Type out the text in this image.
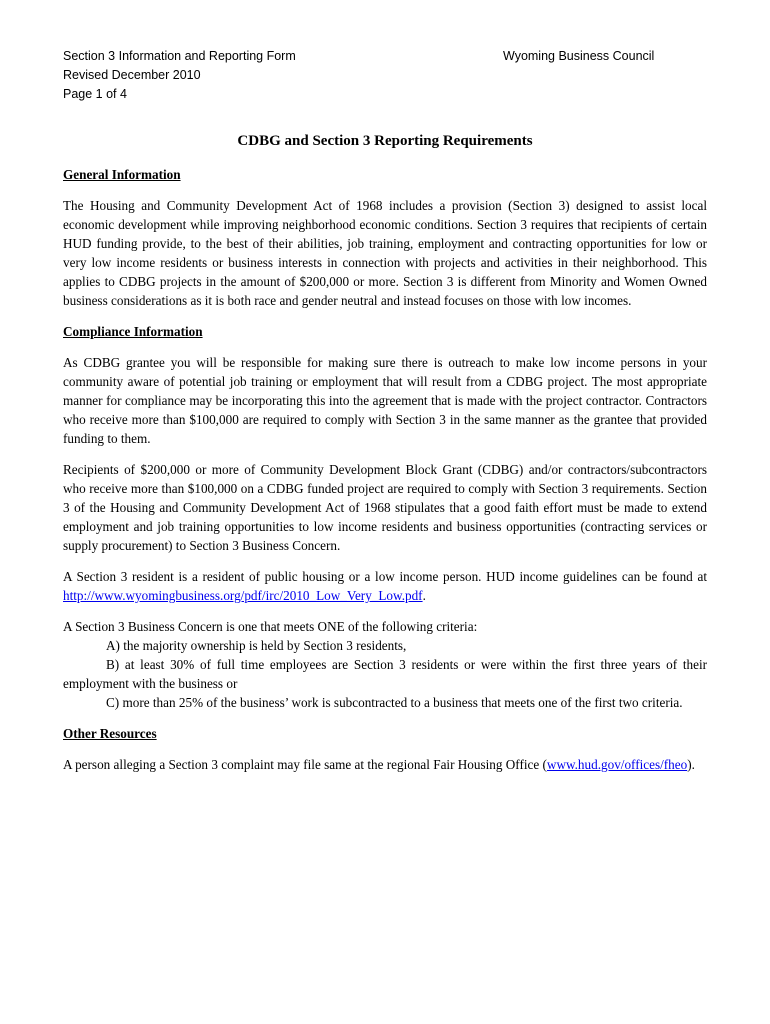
Section 3 Information and Reporting Form
Revised December 2010
Page 1 of 4
Wyoming Business Council
CDBG and Section 3 Reporting Requirements
General Information
The Housing and Community Development Act of 1968 includes a provision (Section 3) designed to assist local economic development while improving neighborhood economic conditions. Section 3 requires that recipients of certain HUD funding provide, to the best of their abilities, job training, employment and contracting opportunities for low or very low income residents or business interests in connection with projects and activities in their neighborhood. This applies to CDBG projects in the amount of $200,000 or more. Section 3 is different from Minority and Women Owned business considerations as it is both race and gender neutral and instead focuses on those with low incomes.
Compliance Information
As CDBG grantee you will be responsible for making sure there is outreach to make low income persons in your community aware of potential job training or employment that will result from a CDBG project. The most appropriate manner for compliance may be incorporating this into the agreement that is made with the project contractor. Contractors who receive more than $100,000 are required to comply with Section 3 in the same manner as the grantee that provided funding to them.
Recipients of $200,000 or more of Community Development Block Grant (CDBG) and/or contractors/subcontractors who receive more than $100,000 on a CDBG funded project are required to comply with Section 3 requirements. Section 3 of the Housing and Community Development Act of 1968 stipulates that a good faith effort must be made to extend employment and job training opportunities to low income residents and business opportunities (contracting services or supply procurement) to Section 3 Business Concern.
A Section 3 resident is a resident of public housing or a low income person. HUD income guidelines can be found at http://www.wyomingbusiness.org/pdf/irc/2010_Low_Very_Low.pdf.
A Section 3 Business Concern is one that meets ONE of the following criteria:
A) the majority ownership is held by Section 3 residents,
B) at least 30% of full time employees are Section 3 residents or were within the first three years of their employment with the business or
C) more than 25% of the business’ work is subcontracted to a business that meets one of the first two criteria.
Other Resources
A person alleging a Section 3 complaint may file same at the regional Fair Housing Office (www.hud.gov/offices/fheo).
